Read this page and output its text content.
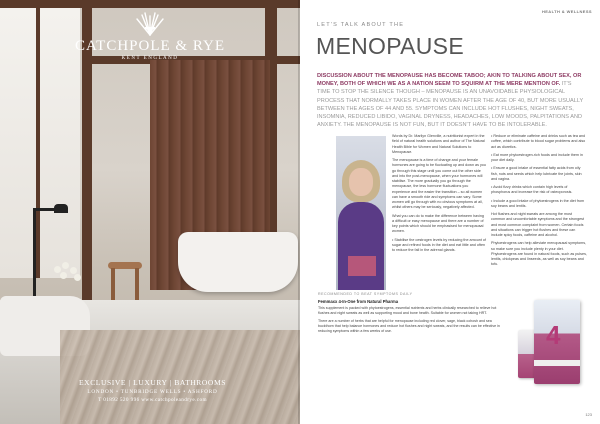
CATCHPOLE & RYE
KENT ENGLAND
EXCLUSIVE | LUXURY | BATHROOMS
LONDON • TUNBRIDGE WELLS • ASHFORD
T 01892 520 996 www.catchpoleandrye.com
HEALTH & WELLNESS
LET'S TALK ABOUT THE
MENOPAUSE
DISCUSSION ABOUT THE MENOPAUSE HAS BECOME TABOO; AKIN TO TALKING ABOUT SEX, OR MONEY, BOTH OF WHICH WE AS A NATION SEEM TO SQUIRM AT THE MERE MENTION OF. IT'S TIME TO STOP THE SILENCE THOUGH – MENOPAUSE IS AN UNAVOIDABLE PHYSIOLOGICAL PROCESS THAT NORMALLY TAKES PLACE IN WOMEN AFTER THE AGE OF 40, BUT MORE USUALLY BETWEEN THE AGES OF 44 AND 55. SYMPTOMS CAN INCLUDE HOT FLUSHES, NIGHT SWEATS, INSOMNIA, REDUCED LIBIDO, VAGINAL DRYNESS, HEADACHES, LOW MOODS, PALPITATIONS AND ANXIETY. THE MENOPAUSE IS NOT FUN, BUT IT DOESN'T HAVE TO BE INTOLERABLE.

Words by Dr. Marilyn Glenville, a nutritionist expert in the field of natural health solutions and author of The Natural Health Bible for Women and Natural Solutions to Menopause.

The menopause is a time of change and your female hormones are going to be fluctuating up and down as you go through this stage until you come out the other side and into the post-menopause, when your hormones will stabilise. The more gradually you go through the menopause, the less hormone fluctuations you experience and the easier the transition – so all women can have a smooth ride and symptoms can vary. Some women will go through with no obvious symptoms at all, whilst others may be seriously, negatively affected.

What you can do to make the difference between having a difficult or easy menopause and there are a number of key points which should be emphasised for menopausal women.

• Stabilise the oestrogen levels by reducing the amount of sugar and refined foods in the diet and eat little and often to reduce the fall in the adrenal glands.

• Reduce or eliminate caffeine and drinks such as tea and coffee, which contribute to blood sugar problems and also act as diuretics.

• Eat more phytoestrogen-rich foods and include them in your diet daily.

• Ensure a good intake of essential fatty acids from oily fish, nuts and seeds which help lubricate the joints, skin and vagina.

• Avoid fizzy drinks which contain high levels of phosphorus and increase the risk of osteoporosis.

• Include a good intake of phytoestrogens in the diet from soy beans and lentils.

Hot flushes and night sweats are among the most common and uncomfortable symptoms and the strongest and most common complaint from women. Certain foods and situations can trigger hot flushes and these can include spicy foods, caffeine and alcohol.

Phytoestrogens can help alleviate menopausal symptoms, so make sure you include plenty in your diet. Phytoestrogens are found in natural foods, such as pulses, lentils, chickpeas and linseeds, as well as soy beans and tofu.

RECOMMENDED TO BEAT SYMPTOMS DAILY
Femmaxx 4-In-One from Natural Pharma

This supplement is packed with phytoestrogens, essential nutrients and herbs clinically researched to relieve hot flushes and night sweats as well as supporting mood and bone health. Suitable for women not taking HRT.

There are a number of herbs that are helpful for menopause including red clover, sage, black cohosh and sea buckthorn that help balance hormones and reduce hot flushes and night sweats, and the results can be effective in reducing symptoms within a few weeks of use.	4
123
